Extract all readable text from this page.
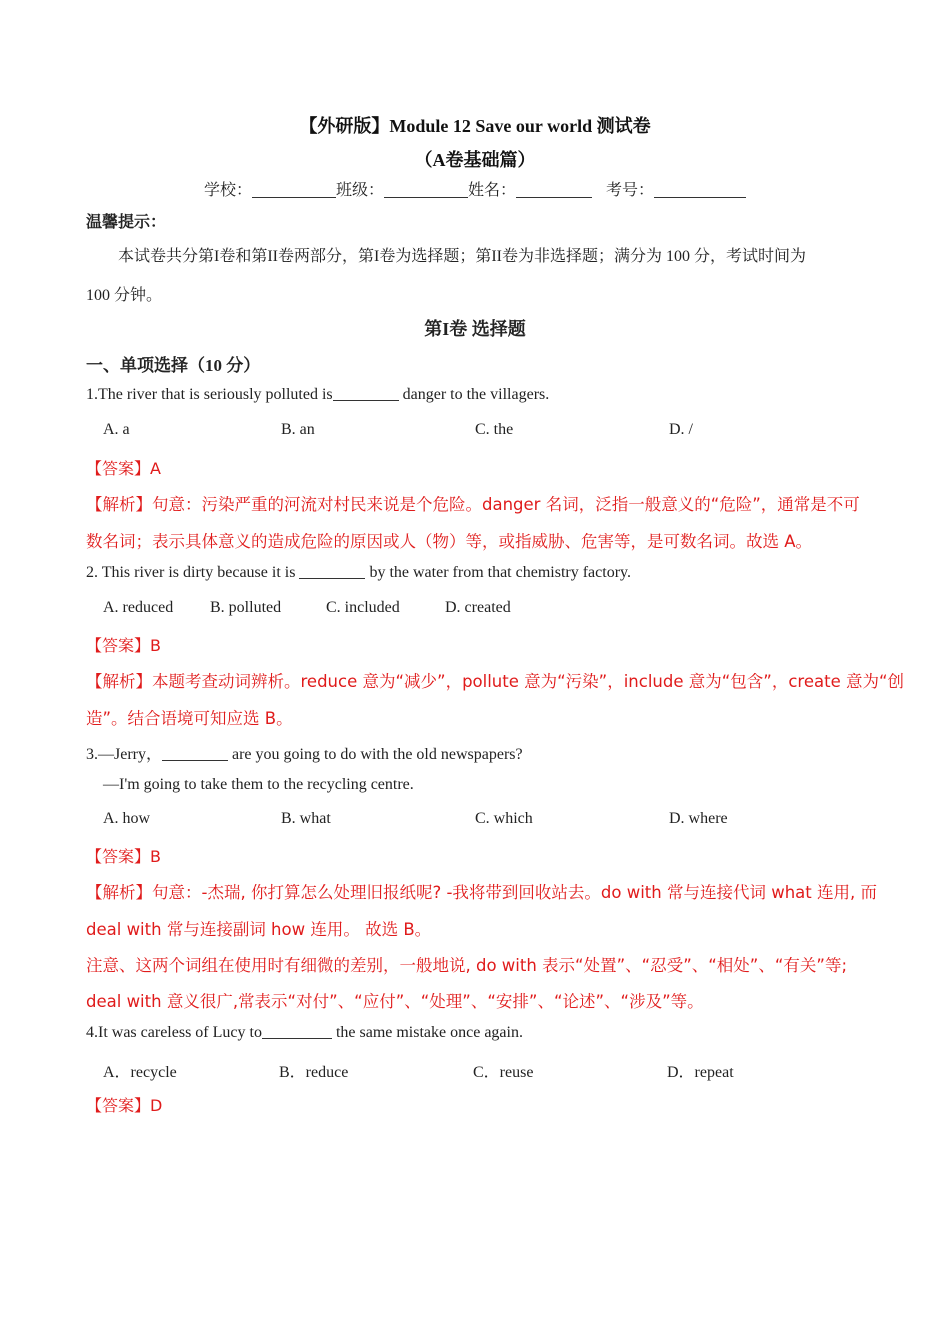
【外研版】Module 12 Save our world 测试卷
（A卷基础篇）
学校：	班级：	姓名：	考号：
温馨提示：
本试卷共分第I卷和第II卷两部分，第I卷为选择题；第II卷为非选择题；满分为 100 分，考试时间为
100 分钟。
第I卷 选择题
一、单项选择（10 分）
1.The river that is seriously polluted is	danger to the villagers.
A. a	B. an	C. the	D. /
【答案】A
【解析】句意：污染严重的河流对村民来说是个危险。danger 名词，泛指一般意义的“危险”，通常是不可
数名词；表示具体意义的造成危险的原因或人（物）等，或指威胁、危害等，是可数名词。故选 A。
2. This river is dirty because it is	by the water from that chemistry factory.
A. reduced B. polluted	C. included	D. created
【答案】B
【解析】本题考查动词辨析。reduce 意为“减少”，pollute 意为“污染”，include 意为“包含”，create 意为“创
造”。结合语境可知应选 B。
3.—Jerry，	are you going to do with the old newspapers?
—I'm going to take them to the recycling centre.
A. how	B. what	C. which	D. where
【答案】B
【解析】句意：-杰瑞, 你打算怎么处理旧报纸呢? -我将带到回收站去。do with 常与连接代词 what 连用, 而
deal with 常与连接副词 how 连用。 故选 B。
注意、这两个词组在使用时有细微的差别，一般地说, do with 表示“处置”、“忍受”、“相处”、“有关”等;
deal with 意义很广,常表示“对付”、“应付”、“处理”、“安排”、“论述”、“涉及”等。
4.It was careless of Lucy to	the same mistake once again.
A．recycle	B．reduce	C．reuse	D．repeat
【答案】D
